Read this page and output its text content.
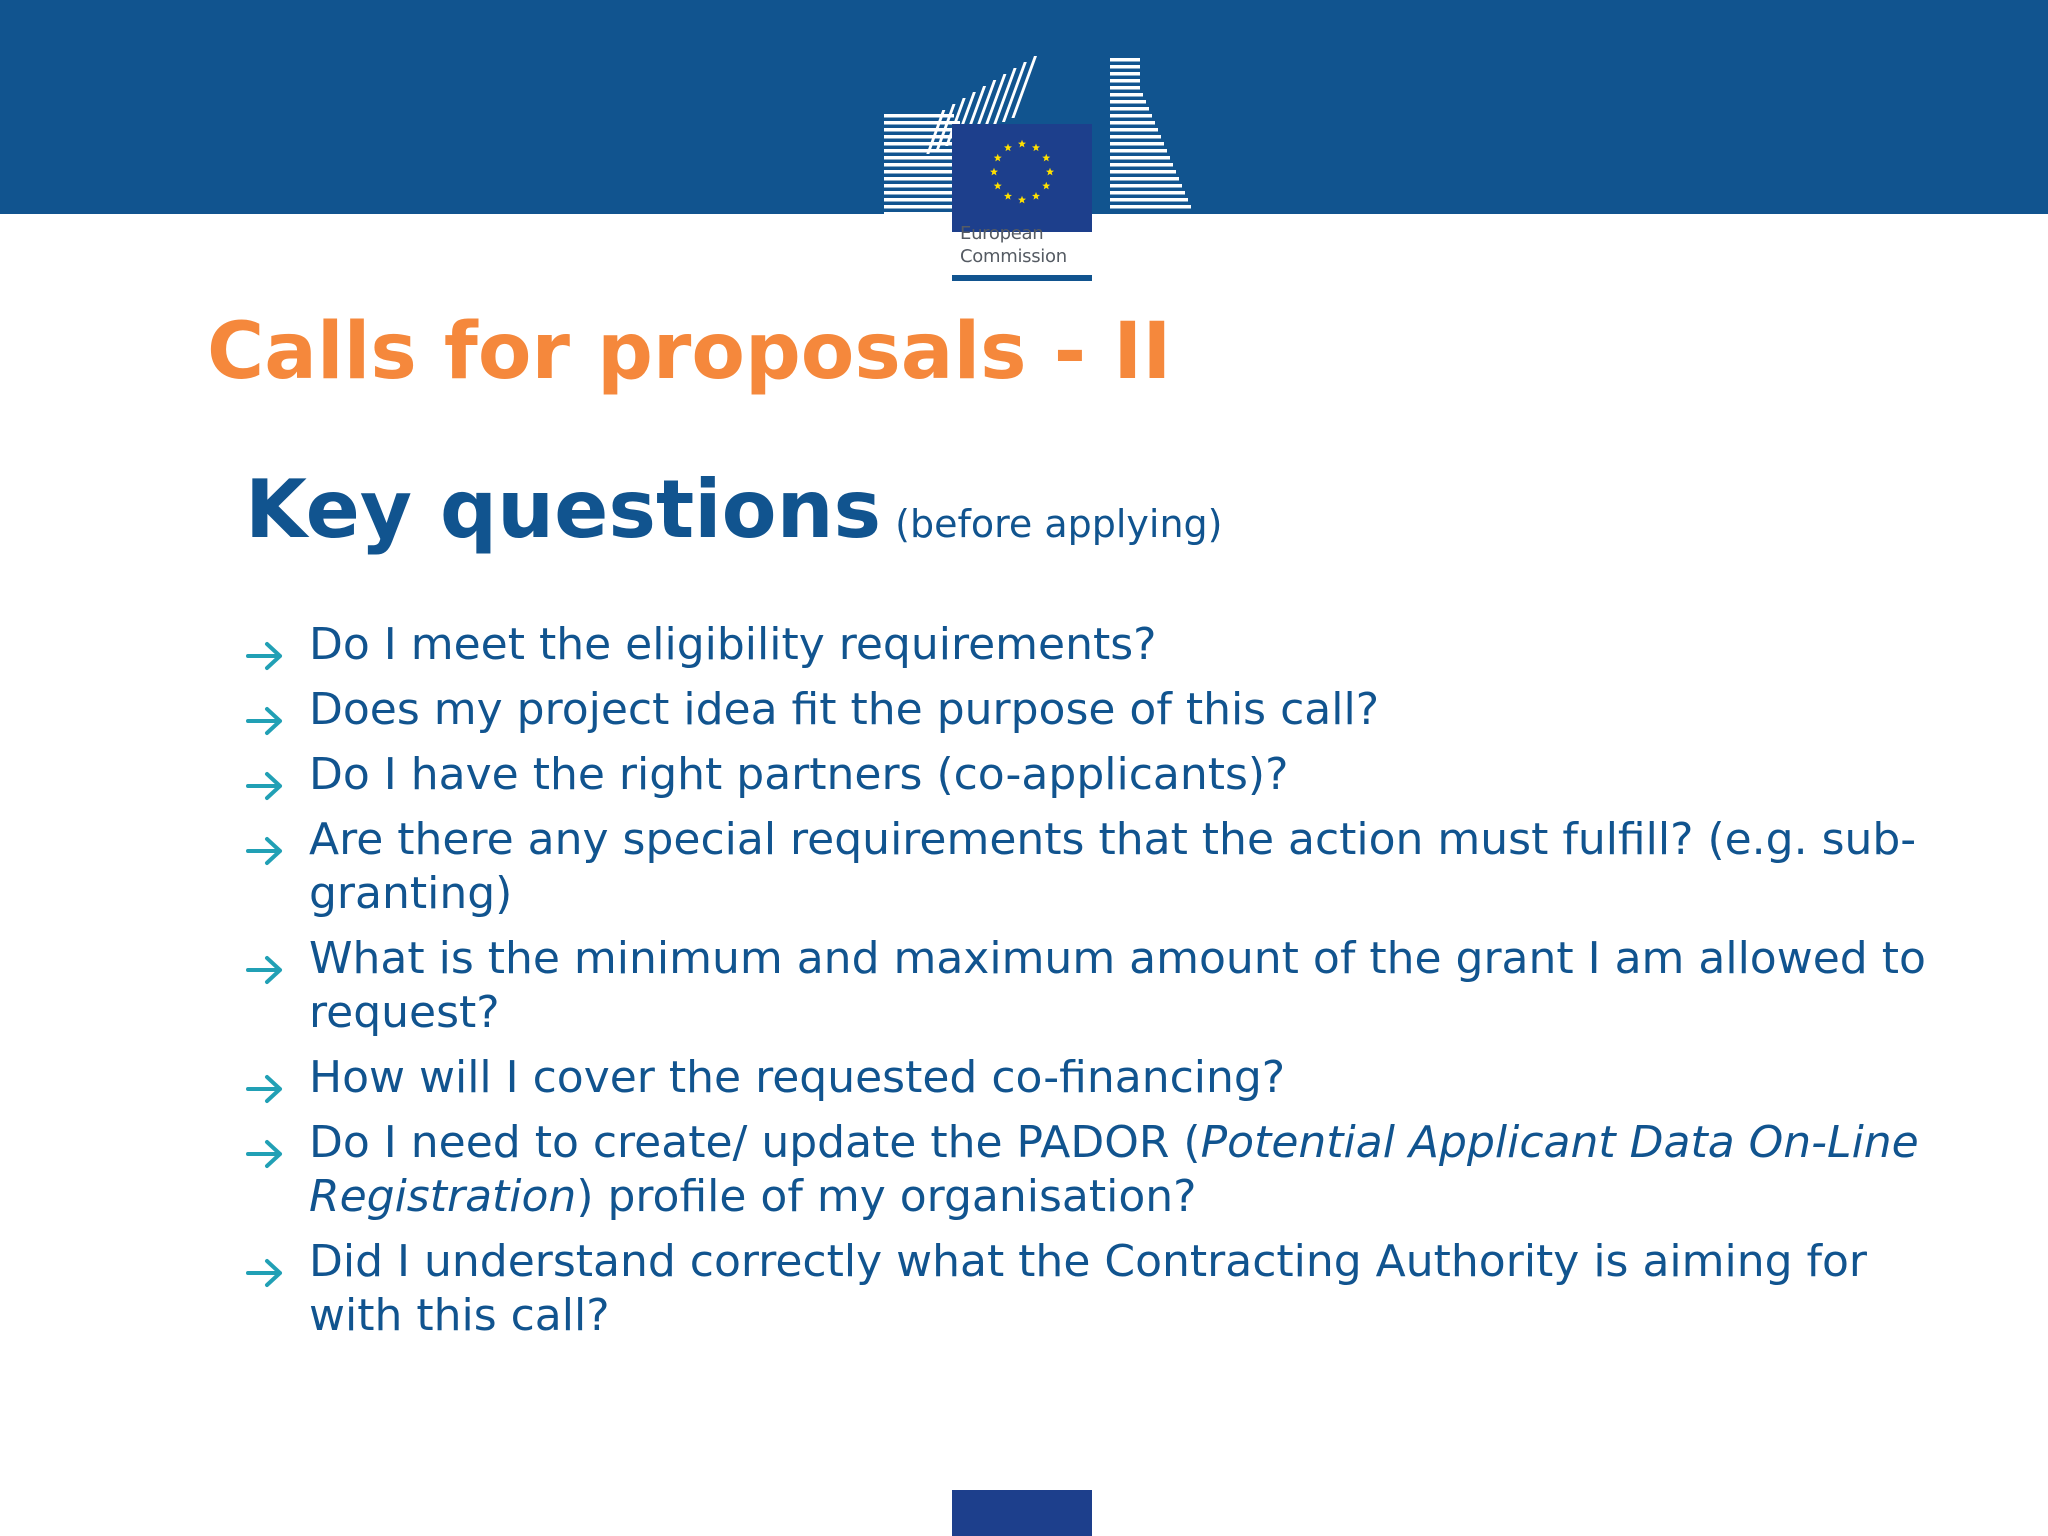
European
Commission
Calls for proposals - II
Key questions (before applying)
Do I meet the eligibility requirements?
Does my project idea fit the purpose of this call?
Do I have the right partners (co-applicants)?
Are there any special requirements that the action must fulfill? (e.g. sub-granting)
What is the minimum and maximum amount of the grant I am allowed to request?
How will I cover the requested co-financing?
Do I need to create/ update the PADOR (Potential Applicant Data On-Line Registration) profile of my organisation?
Did I understand correctly what the Contracting Authority is aiming for with this call?
